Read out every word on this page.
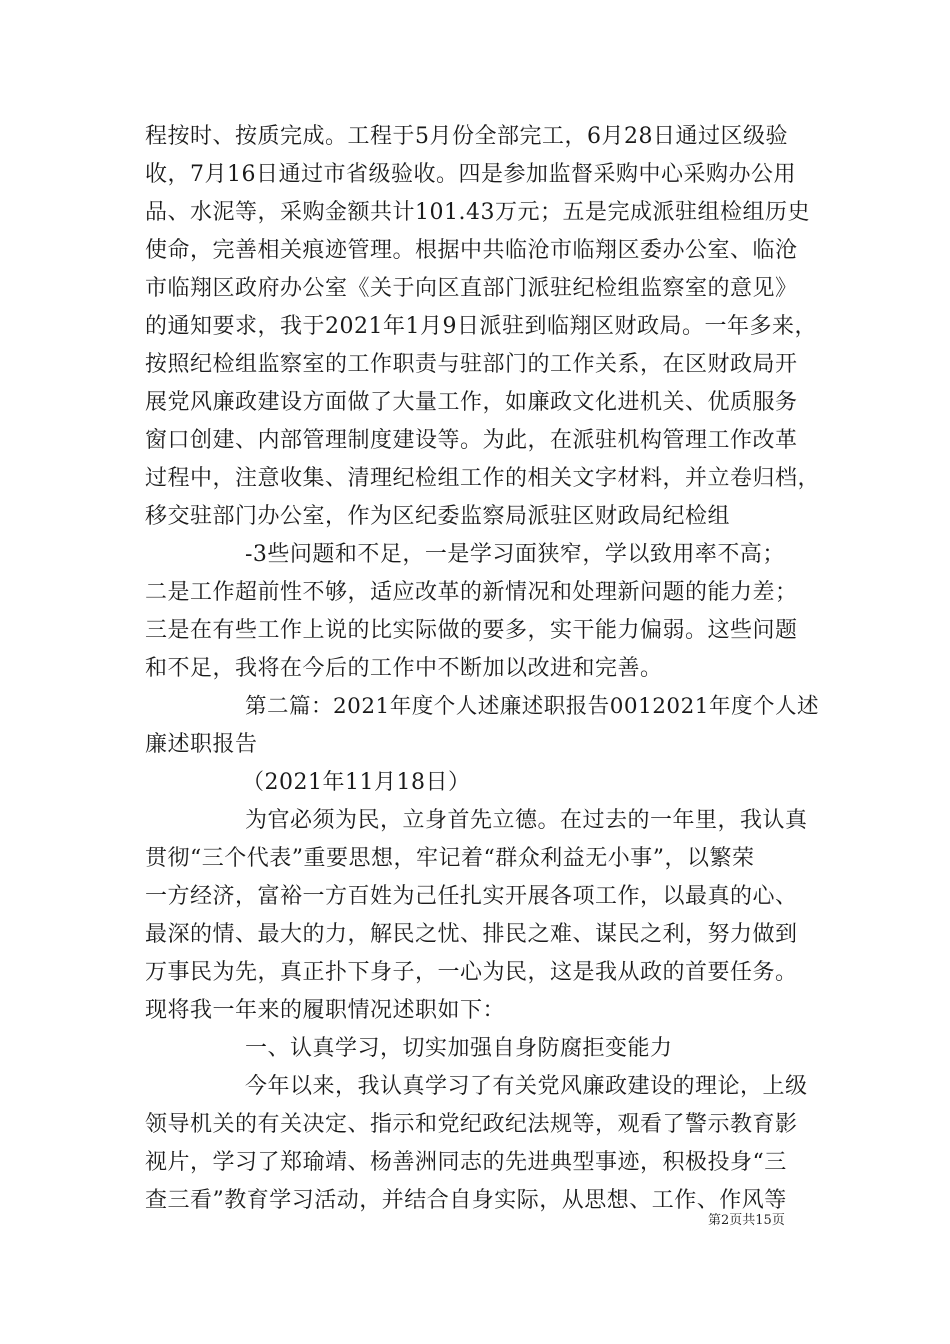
程按时、按质完成。工程于5月份全部完工，6月28日通过区级验
收，7月16日通过市省级验收。四是参加监督采购中心采购办公用
品、水泥等，采购金额共计101.43万元；五是完成派驻组检组历史
使命，完善相关痕迹管理。根据中共临沧市临翔区委办公室、临沧
市临翔区政府办公室《关于向区直部门派驻纪检组监察室的意见》
的通知要求，我于2021年1月9日派驻到临翔区财政局。一年多来，
按照纪检组监察室的工作职责与驻部门的工作关系，在区财政局开
展党风廉政建设方面做了大量工作，如廉政文化进机关、优质服务
窗口创建、内部管理制度建设等。为此，在派驻机构管理工作改革
过程中，注意收集、清理纪检组工作的相关文字材料，并立卷归档，
移交驻部门办公室，作为区纪委监察局派驻区财政局纪检组
-3些问题和不足，一是学习面狭窄，学以致用率不高；
二是工作超前性不够，适应改革的新情况和处理新问题的能力差；
三是在有些工作上说的比实际做的要多，实干能力偏弱。这些问题
和不足，我将在今后的工作中不断加以改进和完善。
第二篇：2021年度个人述廉述职报告0012021年度个人述
廉述职报告
（2021年11月18日）
为官必须为民，立身首先立德。在过去的一年里，我认真
贯彻“三个代表”重要思想，牢记着“群众利益无小事”，以繁荣
一方经济，富裕一方百姓为己任扎实开展各项工作，以最真的心、
最深的情、最大的力，解民之忧、排民之难、谋民之利，努力做到
万事民为先，真正扑下身子，一心为民，这是我从政的首要任务。
现将我一年来的履职情况述职如下：
一、认真学习，切实加强自身防腐拒变能力
今年以来，我认真学习了有关党风廉政建设的理论，上级
领导机关的有关决定、指示和党纪政纪法规等，观看了警示教育影
视片，学习了郑瑜靖、杨善洲同志的先进典型事迹，积极投身“三
查三看”教育学习活动，并结合自身实际，从思想、工作、作风等
第2页共15页
